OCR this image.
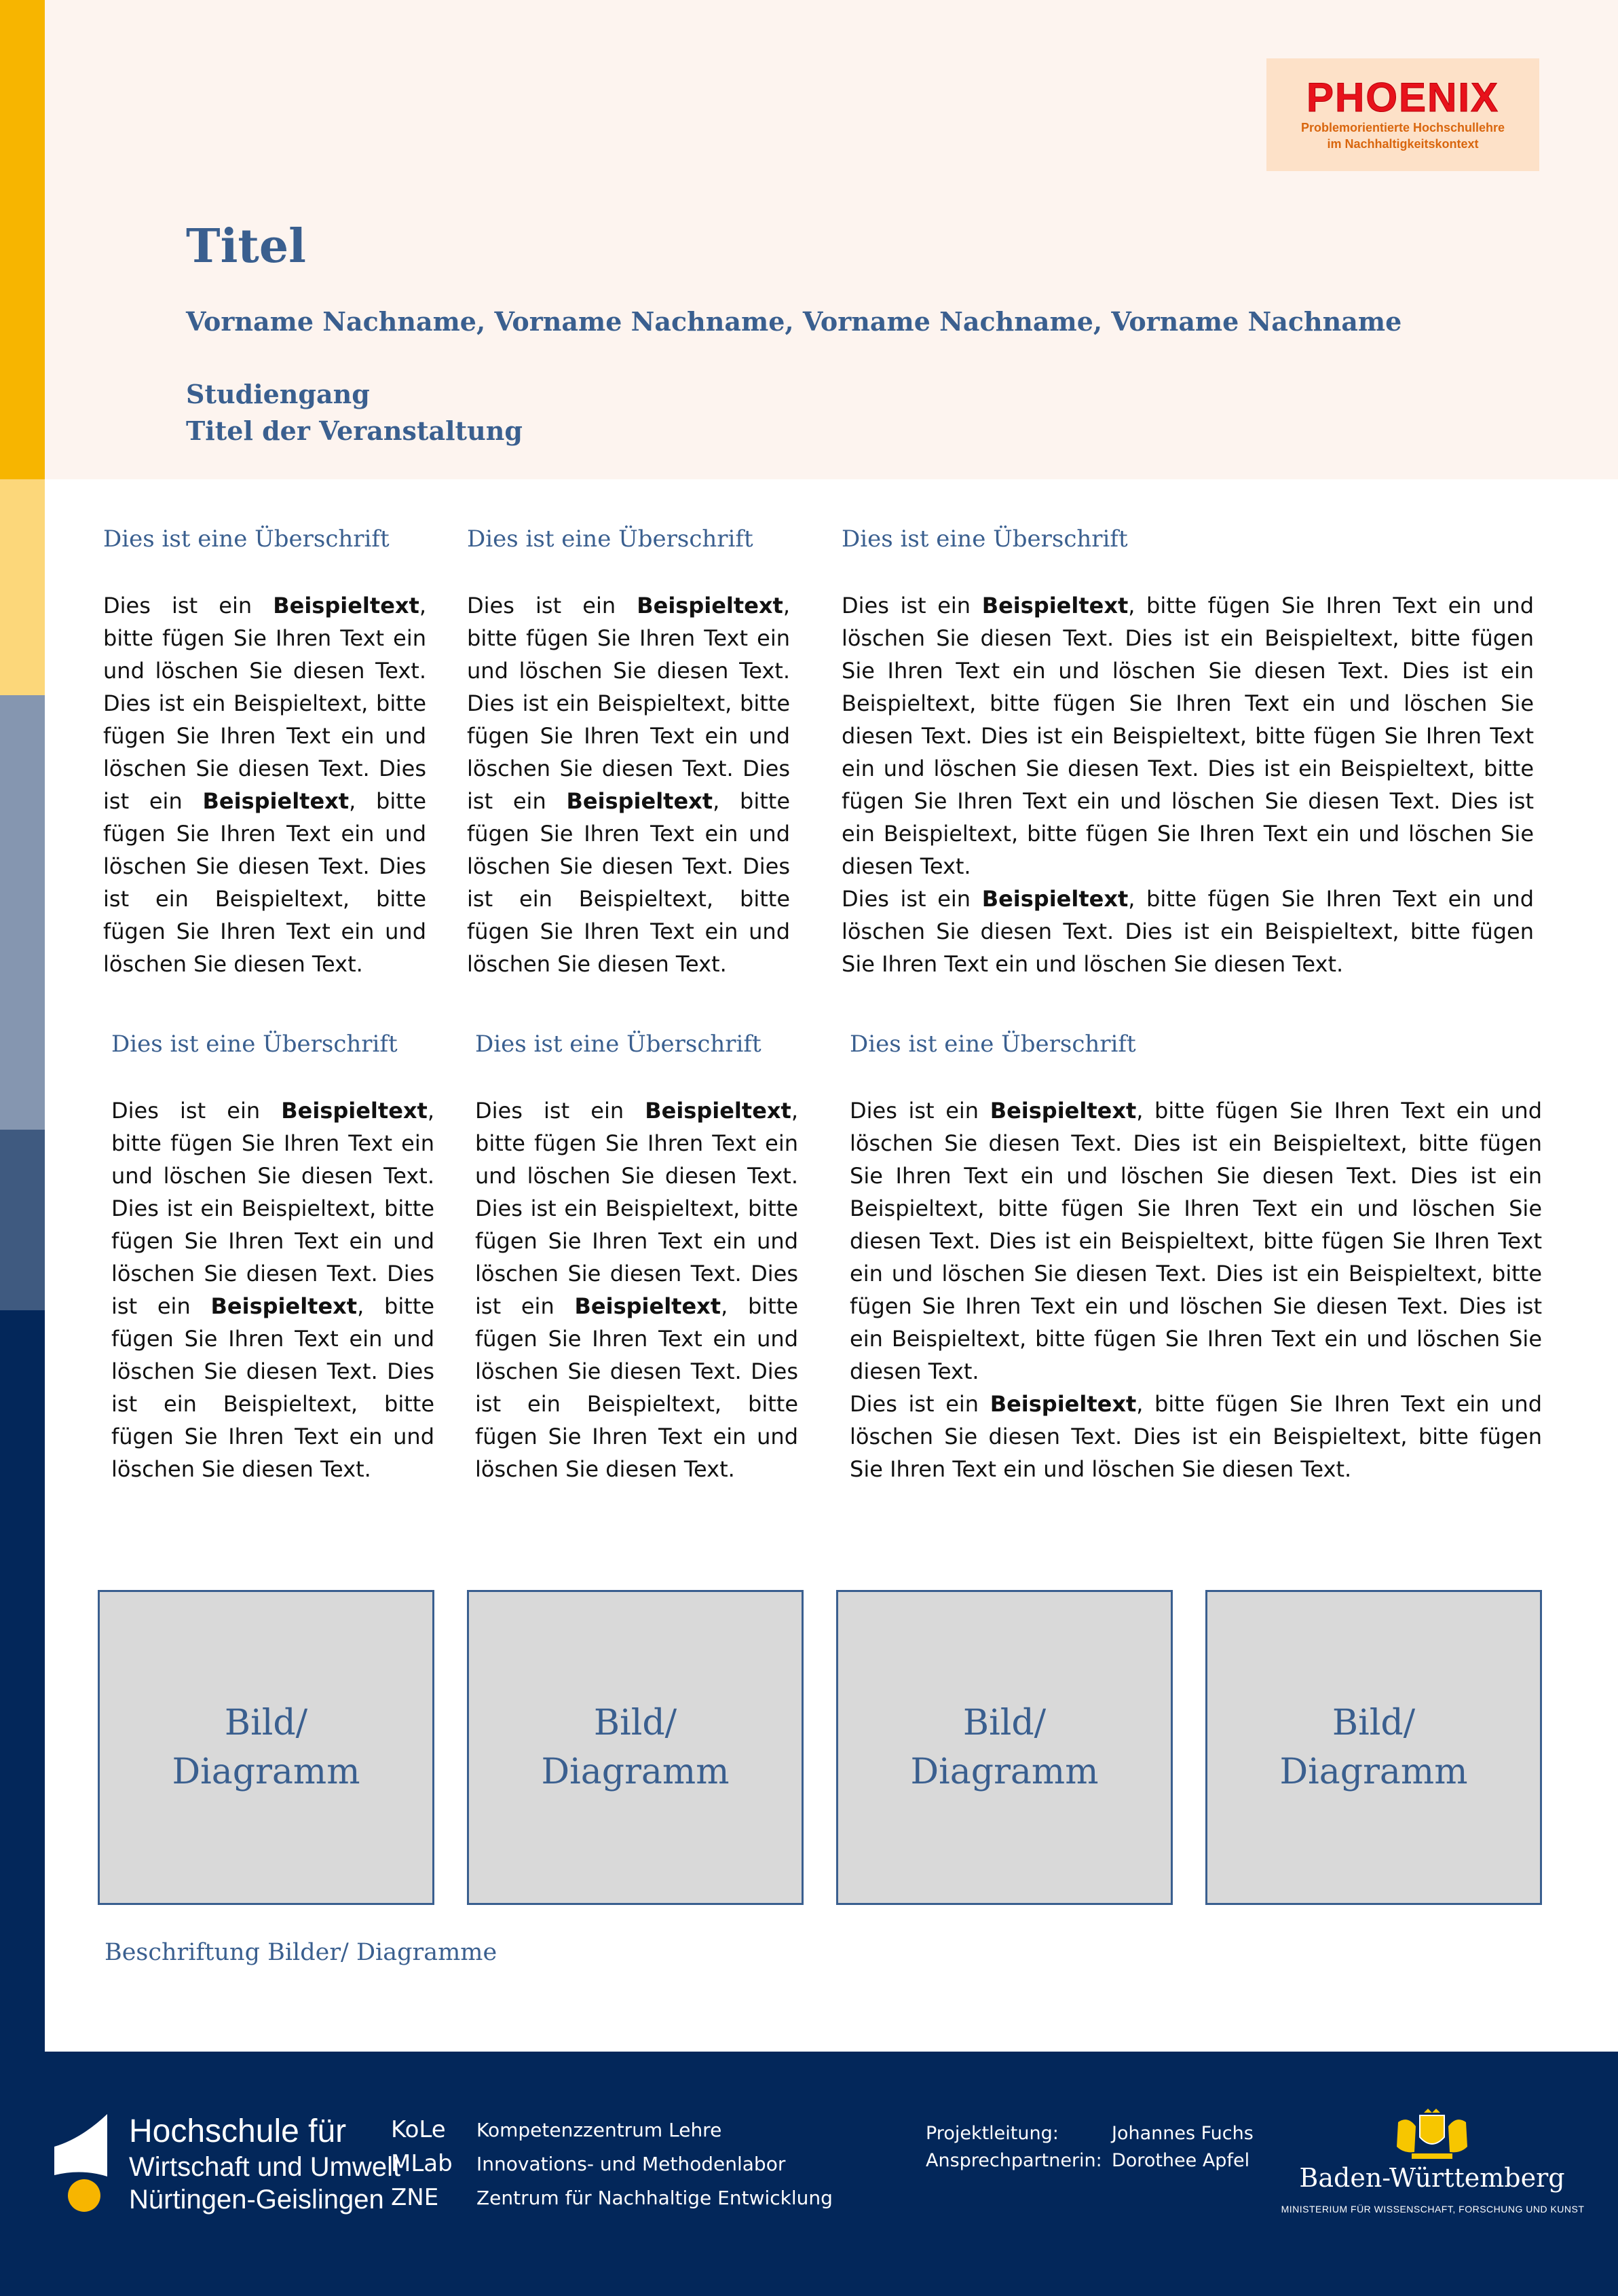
PHOENIX
Problemorientierte Hochschullehre
im Nachhaltigkeitskontext
Titel
Vorname Nachname, Vorname Nachname, Vorname Nachname, Vorname Nachname
Studiengang
Titel der Veranstaltung
Dies ist eine Überschrift

Dies ist ein Beispieltext, bitte fügen Sie Ihren Text ein und löschen Sie diesen Text. Dies ist ein Beispieltext, bitte fügen Sie Ihren Text ein und löschen Sie diesen Text. Dies ist ein Beispieltext, bitte fügen Sie Ihren Text ein und löschen Sie diesen Text. Dies ist ein Beispieltext, bitte fügen Sie Ihren Text ein und löschen Sie diesen Text.

Dies ist eine Überschrift

Dies ist ein Beispieltext, bitte fügen Sie Ihren Text ein und löschen Sie diesen Text. Dies ist ein Beispieltext, bitte fügen Sie Ihren Text ein und löschen Sie diesen Text. Dies ist ein Beispieltext, bitte fügen Sie Ihren Text ein und löschen Sie diesen Text. Dies ist ein Beispieltext, bitte fügen Sie Ihren Text ein und löschen Sie diesen Text.

Dies ist eine Überschrift

Dies ist ein Beispieltext, bitte fügen Sie Ihren Text ein und löschen Sie diesen Text. Dies ist ein Beispieltext, bitte fügen Sie Ihren Text ein und löschen Sie diesen Text. Dies ist ein Beispieltext, bitte fügen Sie Ihren Text ein und löschen Sie diesen Text. Dies ist ein Beispieltext, bitte fügen Sie Ihren Text ein und löschen Sie diesen Text. Dies ist ein Beispieltext, bitte fügen Sie Ihren Text ein und löschen Sie diesen Text. Dies ist ein Beispieltext, bitte fügen Sie Ihren Text ein und löschen Sie diesen Text.

Dies ist ein Beispieltext, bitte fügen Sie Ihren Text ein und löschen Sie diesen Text. Dies ist ein Beispieltext, bitte fügen Sie Ihren Text ein und löschen Sie diesen Text.

Dies ist eine Überschrift

Dies ist ein Beispieltext, bitte fügen Sie Ihren Text ein und löschen Sie diesen Text. Dies ist ein Beispieltext, bitte fügen Sie Ihren Text ein und löschen Sie diesen Text. Dies ist ein Beispieltext, bitte fügen Sie Ihren Text ein und löschen Sie diesen Text. Dies ist ein Beispieltext, bitte fügen Sie Ihren Text ein und löschen Sie diesen Text.

Dies ist eine Überschrift

Dies ist ein Beispieltext, bitte fügen Sie Ihren Text ein und löschen Sie diesen Text. Dies ist ein Beispieltext, bitte fügen Sie Ihren Text ein und löschen Sie diesen Text. Dies ist ein Beispieltext, bitte fügen Sie Ihren Text ein und löschen Sie diesen Text. Dies ist ein Beispieltext, bitte fügen Sie Ihren Text ein und löschen Sie diesen Text.

Dies ist eine Überschrift

Dies ist ein Beispieltext, bitte fügen Sie Ihren Text ein und löschen Sie diesen Text. Dies ist ein Beispieltext, bitte fügen Sie Ihren Text ein und löschen Sie diesen Text. Dies ist ein Beispieltext, bitte fügen Sie Ihren Text ein und löschen Sie diesen Text. Dies ist ein Beispieltext, bitte fügen Sie Ihren Text ein und löschen Sie diesen Text. Dies ist ein Beispieltext, bitte fügen Sie Ihren Text ein und löschen Sie diesen Text. Dies ist ein Beispieltext, bitte fügen Sie Ihren Text ein und löschen Sie diesen Text.

Dies ist ein Beispieltext, bitte fügen Sie Ihren Text ein und löschen Sie diesen Text. Dies ist ein Beispieltext, bitte fügen Sie Ihren Text ein und löschen Sie diesen Text.

Bild/
Diagramm
Bild/
Diagramm
Bild/
Diagramm
Bild/
Diagramm
Beschriftung Bilder/ Diagramme
Hochschule für
Wirtschaft und Umwelt
Nürtingen-Geislingen
KoLe	Kompetenzzentrum Lehre
MLab	Innovations- und Methodenlabor
ZNE	Zentrum für Nachhaltige Entwicklung
Projektleitung:	Johannes Fuchs
Ansprechpartnerin: Dorothee Apfel
Baden-Württemberg
MINISTERIUM FÜR WISSENSCHAFT, FORSCHUNG UND KUNST
